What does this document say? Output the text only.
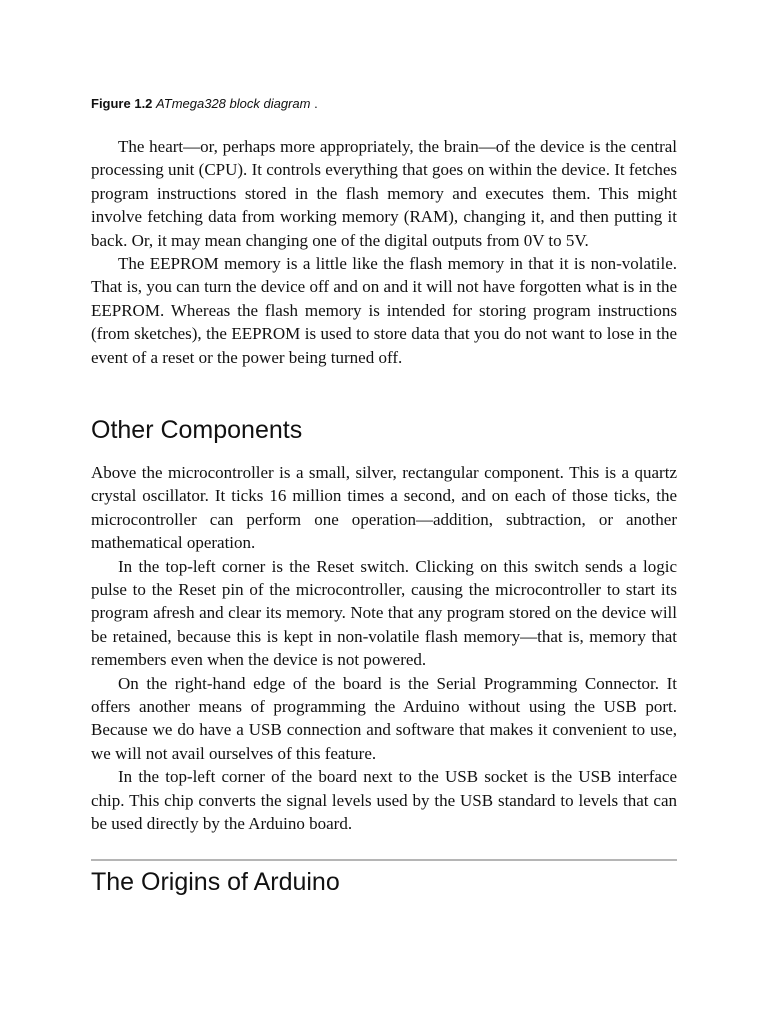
Figure 1.2 ATmega328 block diagram .

The heart—or, perhaps more appropriately, the brain—of the device is the central processing unit (CPU). It controls everything that goes on within the device. It fetches program instructions stored in the flash memory and executes them. This might involve fetching data from working memory (RAM), changing it, and then putting it back. Or, it may mean changing one of the digital outputs from 0V to 5V.

The EEPROM memory is a little like the flash memory in that it is non-volatile. That is, you can turn the device off and on and it will not have forgotten what is in the EEPROM. Whereas the flash memory is intended for storing program instructions (from sketches), the EEPROM is used to store data that you do not want to lose in the event of a reset or the power being turned off.

Other Components

Above the microcontroller is a small, silver, rectangular component. This is a quartz crystal oscillator. It ticks 16 million times a second, and on each of those ticks, the microcontroller can perform one operation—addition, subtraction, or another mathematical operation.

In the top-left corner is the Reset switch. Clicking on this switch sends a logic pulse to the Reset pin of the microcontroller, causing the microcontroller to start its program afresh and clear its memory. Note that any program stored on the device will be retained, because this is kept in non-volatile flash memory—that is, memory that remembers even when the device is not powered.

On the right-hand edge of the board is the Serial Programming Connector. It offers another means of programming the Arduino without using the USB port. Because we do have a USB connection and software that makes it convenient to use, we will not avail ourselves of this feature.

In the top-left corner of the board next to the USB socket is the USB interface chip. This chip converts the signal levels used by the USB standard to levels that can be used directly by the Arduino board.

The Origins of Arduino
